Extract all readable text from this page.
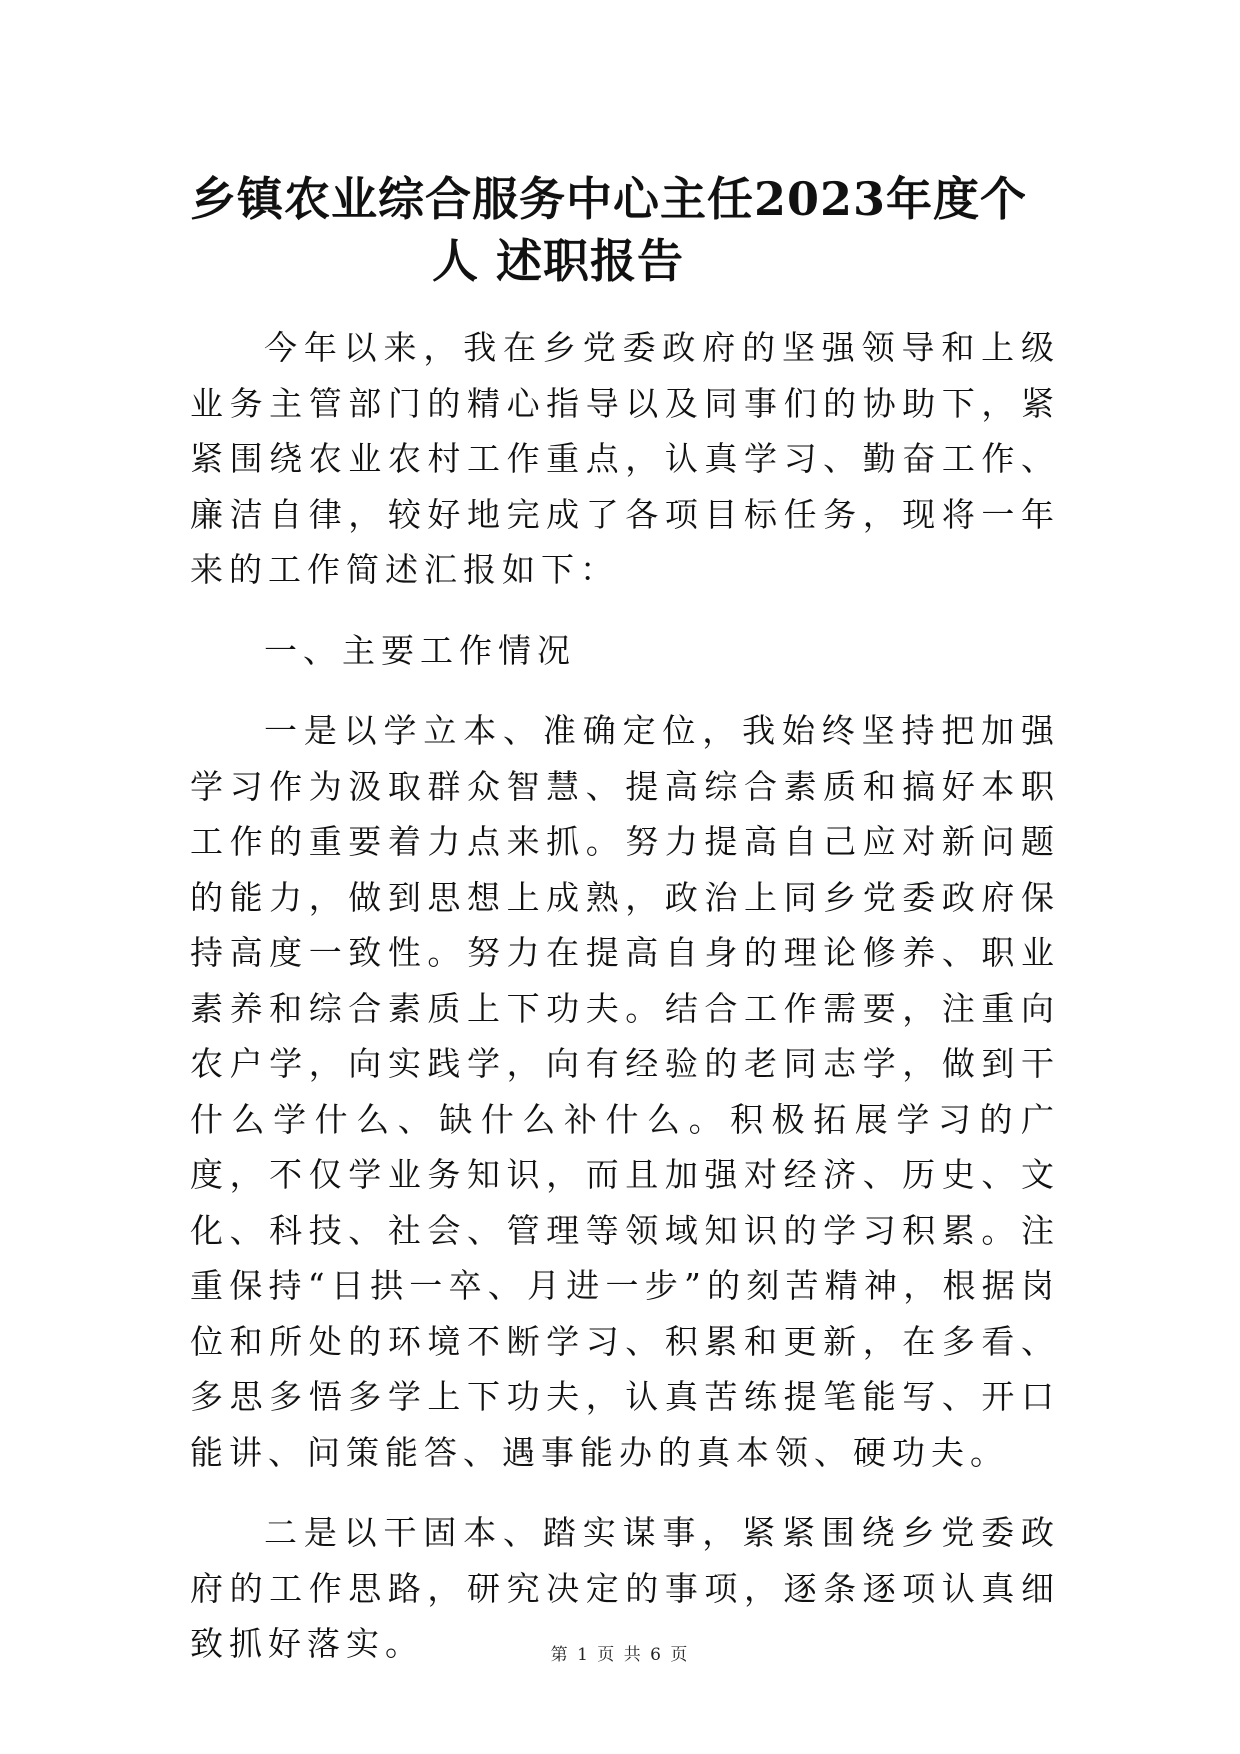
乡镇农业综合服务中心主任2023年度个
人 述职报告

今年以来，我在乡党委政府的坚强领导和上级业务主管部门的精心指导以及同事们的协助下，紧紧围绕农业农村工作重点，认真学习、勤奋工作、廉洁自律，较好地完成了各项目标任务，现将一年来的工作简述汇报如下：

一、主要工作情况

一是以学立本、准确定位，我始终坚持把加强学习作为汲取群众智慧、提高综合素质和搞好本职工作的重要着力点来抓。努力提高自己应对新问题的能力，做到思想上成熟，政治上同乡党委政府保持高度一致性。努力在提高自身的理论修养、职业素养和综合素质上下功夫。结合工作需要，注重向农户学，向实践学，向有经验的老同志学，做到干什么学什么、缺什么补什么。积极拓展学习的广度，不仅学业务知识，而且加强对经济、历史、文化、科技、社会、管理等领域知识的学习积累。注重保持“日拱一卒、月进一步”的刻苦精神，根据岗位和所处的环境不断学习、积累和更新，在多看、多思多悟多学上下功夫，认真苦练提笔能写、开口能讲、问策能答、遇事能办的真本领、硬功夫。

二是以干固本、踏实谋事，紧紧围绕乡党委政府的工作思路，研究决定的事项，逐条逐项认真细致抓好落实。	第 1 页 共 6 页
